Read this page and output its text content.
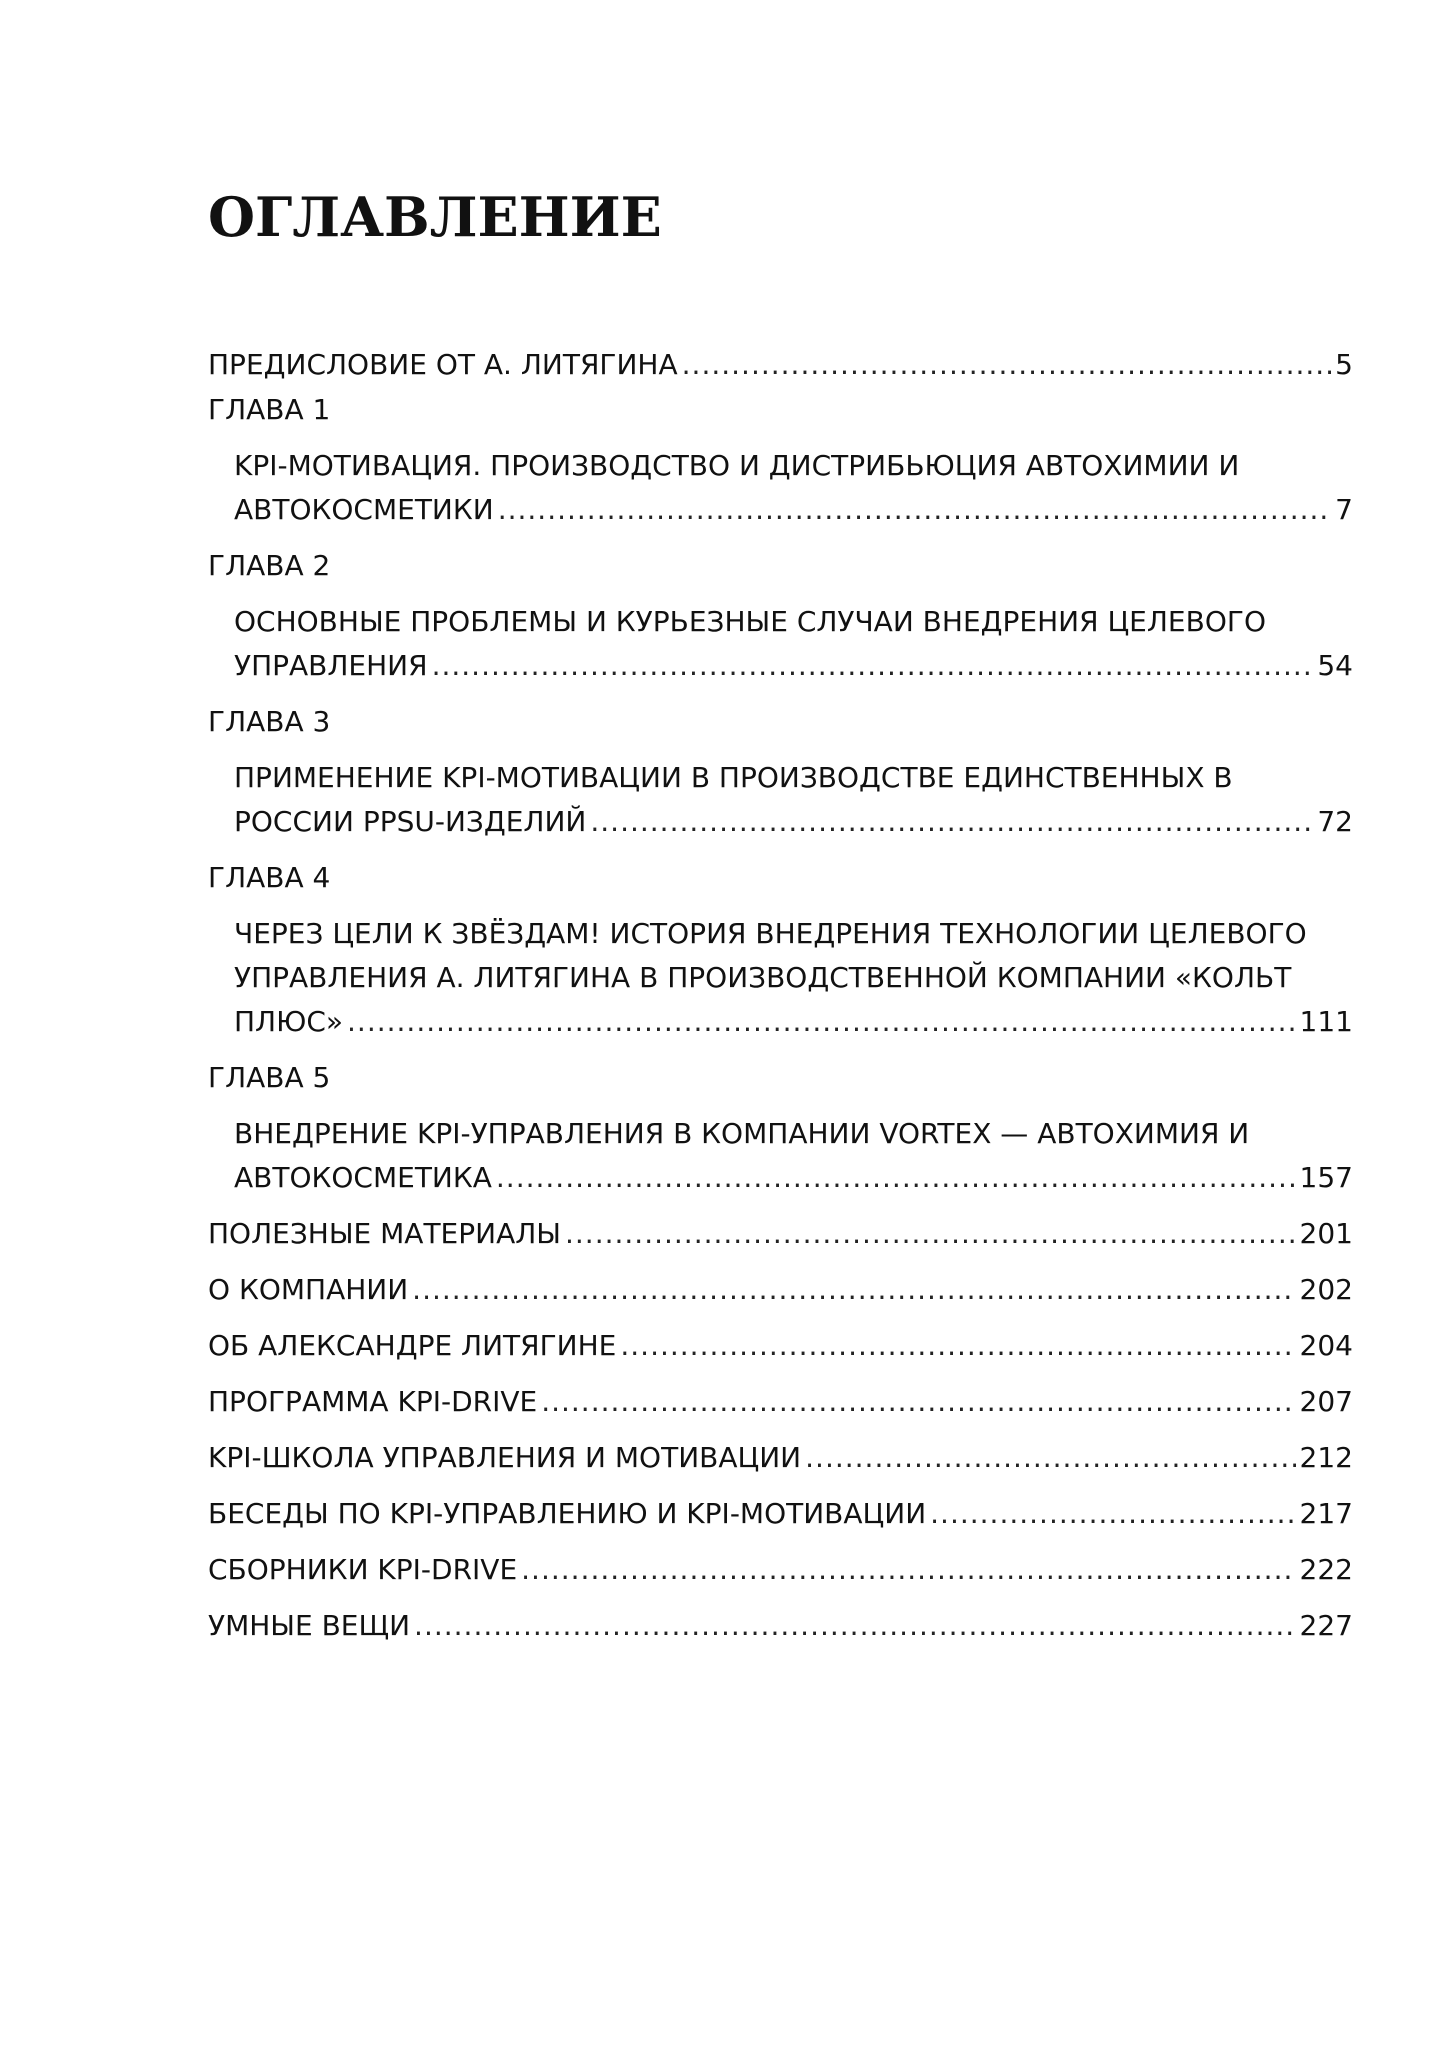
ОГЛАВЛЕНИЕ
ПРЕДИСЛОВИЕ ОТ А. ЛИТЯГИНА .....	5
ГЛАВА 1
KPI-МОТИВАЦИЯ. ПРОИЗВОДСТВО И ДИСТРИБЬЮЦИЯ АВТОХИМИИ И
АВТОКОСМЕТИКИ .....	7
ГЛАВА 2
ОСНОВНЫЕ ПРОБЛЕМЫ И КУРЬЕЗНЫЕ СЛУЧАИ ВНЕДРЕНИЯ ЦЕЛЕВОГО
УПРАВЛЕНИЯ .....	54
ГЛАВА 3
ПРИМЕНЕНИЕ KPI-МОТИВАЦИИ В ПРОИЗВОДСТВЕ ЕДИНСТВЕННЫХ В
РОССИИ PPSU-ИЗДЕЛИЙ .....	72
ГЛАВА 4
ЧЕРЕЗ ЦЕЛИ К ЗВЁЗДАМ! ИСТОРИЯ ВНЕДРЕНИЯ ТЕХНОЛОГИИ ЦЕЛЕВОГО
УПРАВЛЕНИЯ А. ЛИТЯГИНА В ПРОИЗВОДСТВЕННОЙ КОМПАНИИ «КОЛЬТ
ПЛЮС» .....	111
ГЛАВА 5
ВНЕДРЕНИЕ KPI-УПРАВЛЕНИЯ В КОМПАНИИ VORTEX — АВТОХИМИЯ И
АВТОКОСМЕТИКА .....	157
ПОЛЕЗНЫЕ МАТЕРИАЛЫ .....	201
О КОМПАНИИ .....	202
ОБ АЛЕКСАНДРЕ ЛИТЯГИНЕ .....	204
ПРОГРАММА KPI-DRIVE .....	207
KPI-ШКОЛА УПРАВЛЕНИЯ И МОТИВАЦИИ .....	212
БЕСЕДЫ ПО KPI-УПРАВЛЕНИЮ И KPI-МОТИВАЦИИ .....	217
СБОРНИКИ KPI-DRIVE .....	222
УМНЫЕ ВЕЩИ .....	227
